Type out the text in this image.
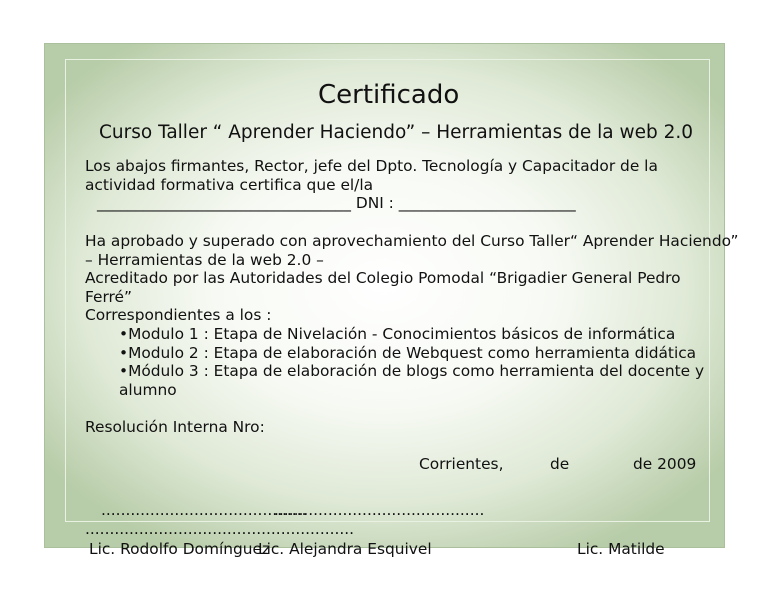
Certificado
Curso Taller “ Aprender Haciendo” – Herramientas de la web 2.0
Los abajos firmantes, Rector, jefe del Dpto. Tecnología y Capacitador de la
actividad formativa certifica que el/la
_________________________________ DNI : _______________________
Ha aprobado y superado con aprovechamiento del Curso Taller“ Aprender Haciendo”
– Herramientas de la web 2.0 –
Acreditado por las Autoridades del Colegio Pomodal “Brigadier General Pedro
Ferré”
Correspondientes a los :
•Modulo 1 : Etapa de Nivelación - Conocimientos básicos de informática
•Modulo 2 : Etapa de elaboración de Webquest como herramienta didática
•Módulo 3 : Etapa de elaboración de blogs como herramienta del docente y
alumno
Resolución Interna Nro:
Corrientes,	de	de 2009
..........................................
...........................................
.......................................................
Lic. Rodolfo Domínguez
Lic. Alejandra Esquivel	Lic. Matilde
